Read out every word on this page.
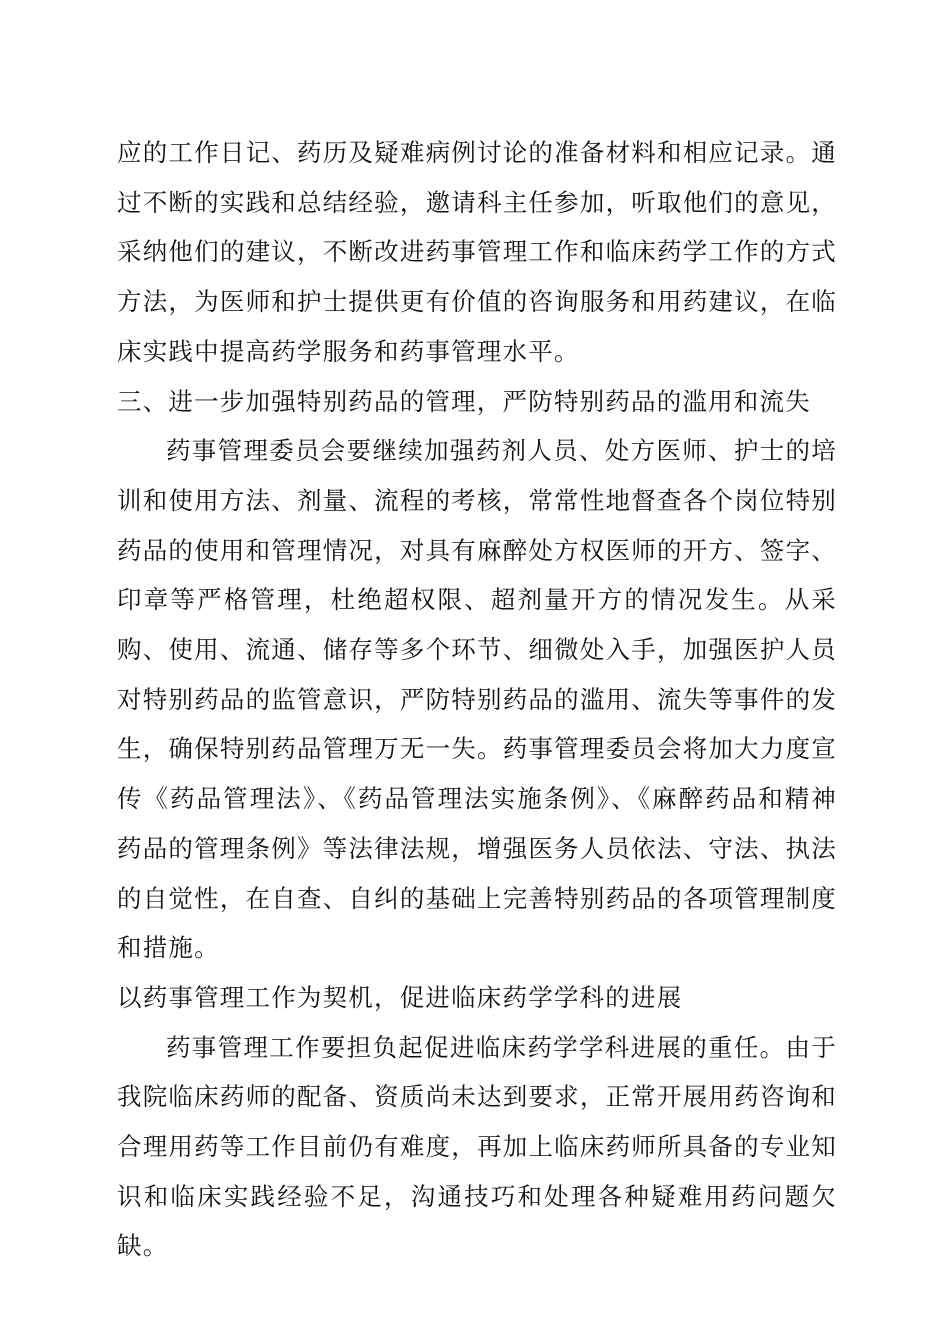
应的工作日记、药历及疑难病例讨论的准备材料和相应记录。通过不断的实践和总结经验，邀请科主任参加，听取他们的意见，采纳他们的建议，不断改进药事管理工作和临床药学工作的方式方法，为医师和护士提供更有价值的咨询服务和用药建议，在临床实践中提高药学服务和药事管理水平。

三、进一步加强特别药品的管理，严防特别药品的滥用和流失

药事管理委员会要继续加强药剂人员、处方医师、护士的培训和使用方法、剂量、流程的考核，常常性地督查各个岗位特别药品的使用和管理情况，对具有麻醉处方权医师的开方、签字、印章等严格管理，杜绝超权限、超剂量开方的情况发生。从采购、使用、流通、储存等多个环节、细微处入手，加强医护人员对特别药品的监管意识，严防特别药品的滥用、流失等事件的发生，确保特别药品管理万无一失。药事管理委员会将加大力度宣传《药品管理法》、《药品管理法实施条例》、《麻醉药品和精神药品的管理条例》等法律法规，增强医务人员依法、守法、执法的自觉性，在自查、自纠的基础上完善特别药品的各项管理制度和措施。

以药事管理工作为契机，促进临床药学学科的进展

药事管理工作要担负起促进临床药学学科进展的重任。由于我院临床药师的配备、资质尚未达到要求，正常开展用药咨询和合理用药等工作目前仍有难度，再加上临床药师所具备的专业知识和临床实践经验不足，沟通技巧和处理各种疑难用药问题欠缺。
